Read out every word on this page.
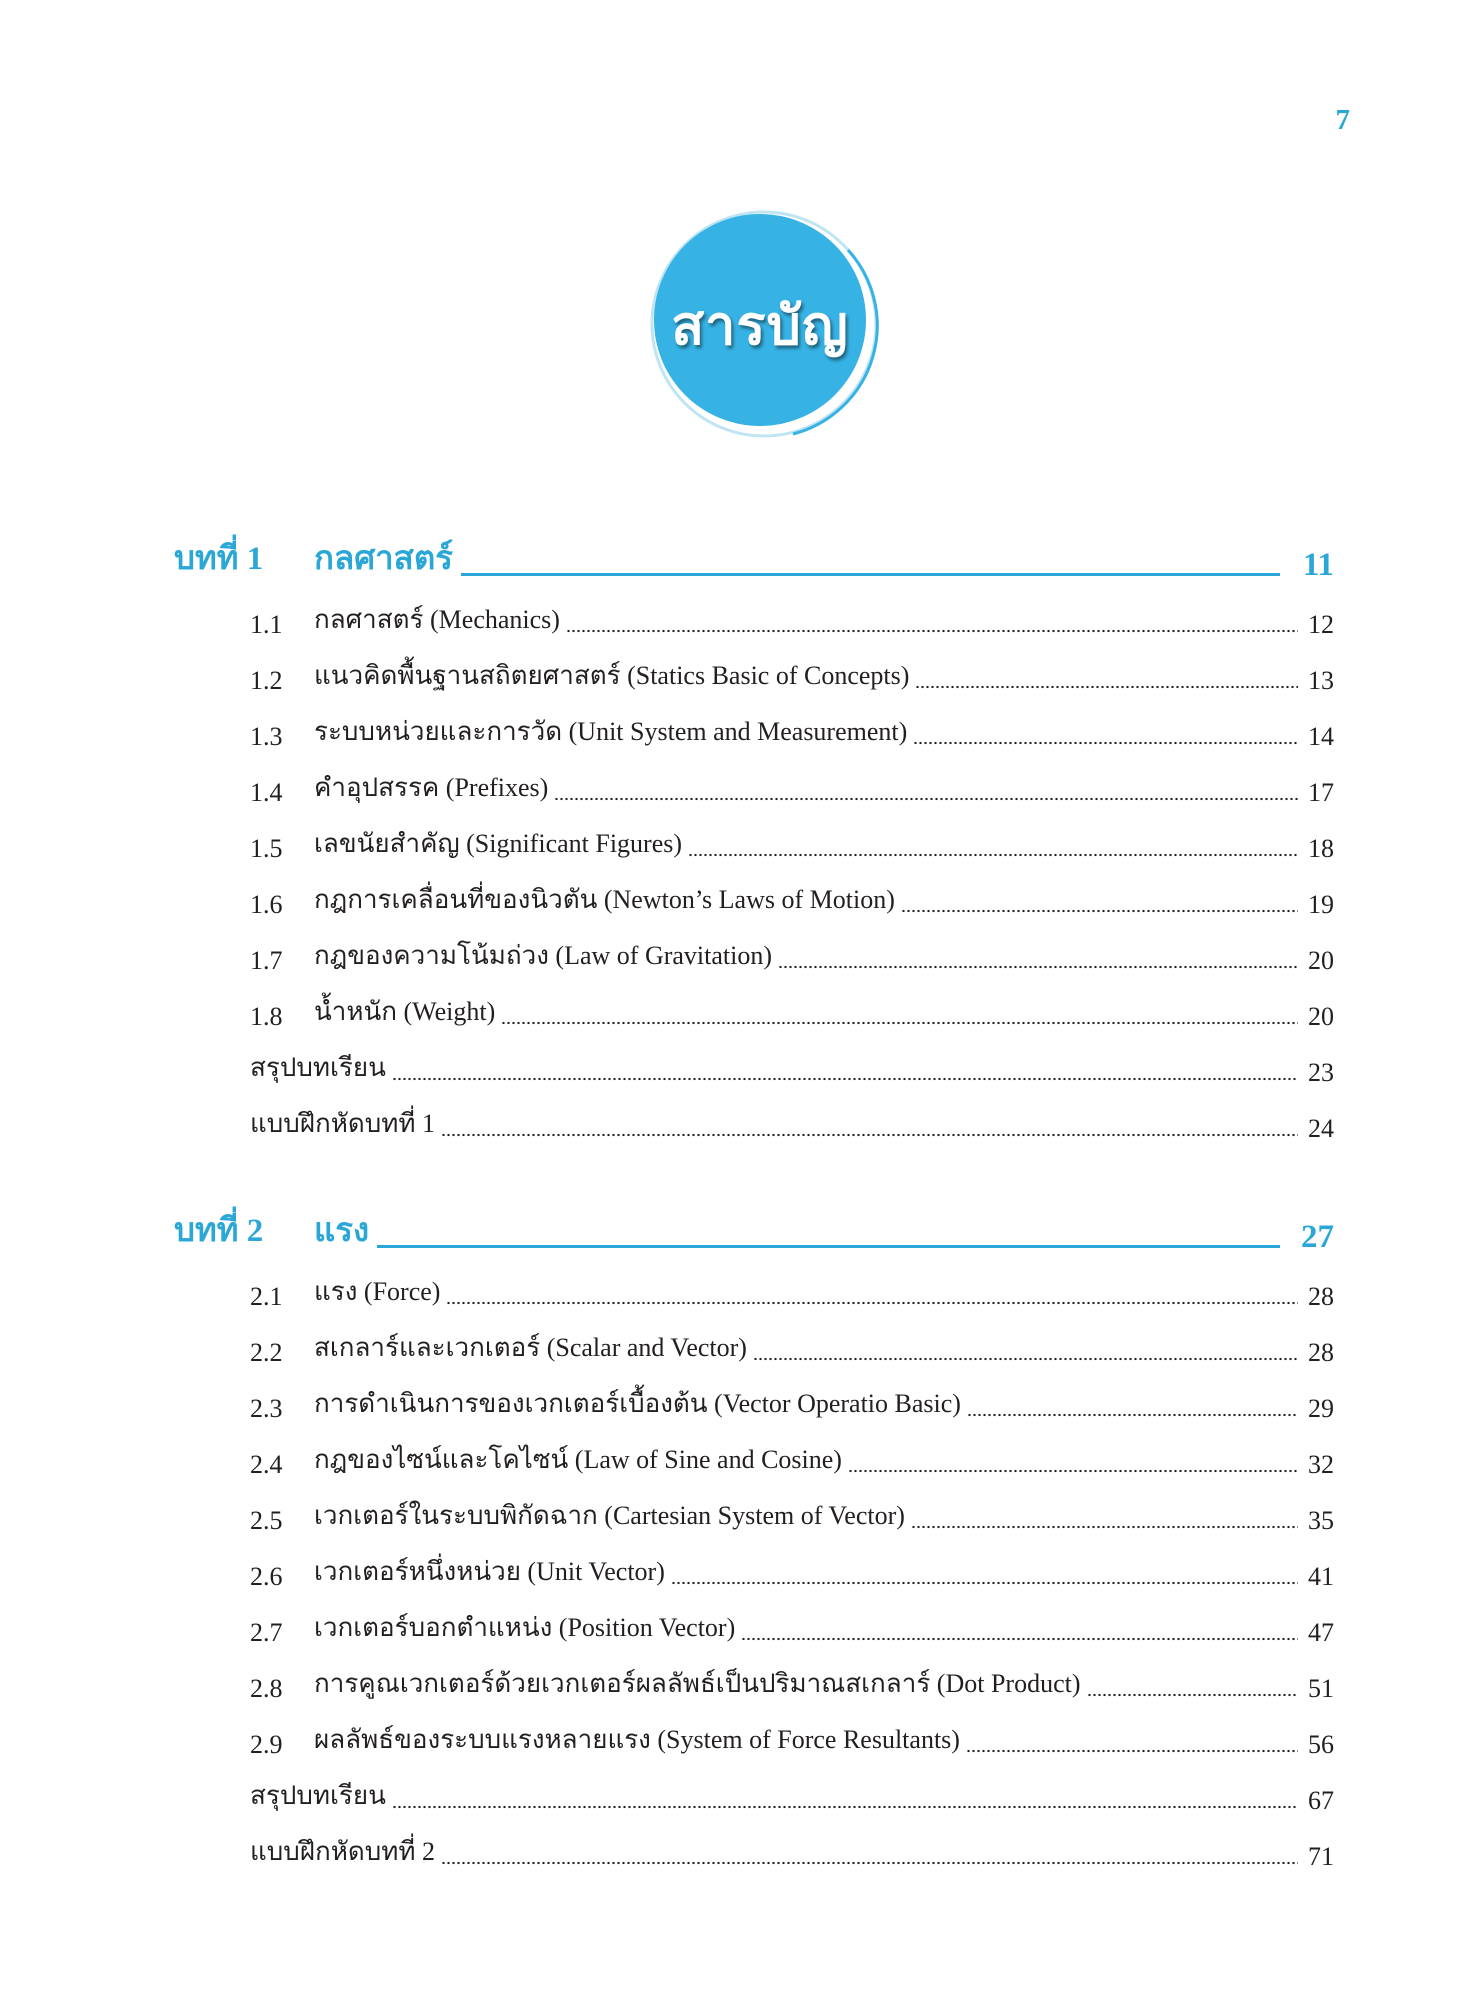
7
สารบัญ
บทที่ 1	กลศาสตร์	11
1.1	กลศาสตร์ (Mechanics)	12
1.2	แนวคิดพื้นฐานสถิตยศาสตร์ (Statics Basic of Concepts)	13
1.3	ระบบหน่วยและการวัด (Unit System and Measurement)	14
1.4	คำอุปสรรค (Prefixes)	17
1.5	เลขนัยสำคัญ (Significant Figures)	18
1.6	กฎการเคลื่อนที่ของนิวตัน (Newton’s Laws of Motion)	19
1.7	กฎของความโน้มถ่วง (Law of Gravitation)	20
1.8	น้ำหนัก (Weight)	20
สรุปบทเรียน	23
แบบฝึกหัดบทที่ 1	24
บทที่ 2	แรง	27
2.1	แรง (Force)	28
2.2	สเกลาร์และเวกเตอร์ (Scalar and Vector)	28
2.3	การดำเนินการของเวกเตอร์เบื้องต้น (Vector Operatio Basic)	29
2.4	กฎของไซน์และโคไซน์ (Law of Sine and Cosine)	32
2.5	เวกเตอร์ในระบบพิกัดฉาก (Cartesian System of Vector)	35
2.6	เวกเตอร์หนึ่งหน่วย (Unit Vector)	41
2.7	เวกเตอร์บอกตำแหน่ง (Position Vector)	47
2.8	การคูณเวกเตอร์ด้วยเวกเตอร์ผลลัพธ์เป็นปริมาณสเกลาร์ (Dot Product)	51
2.9	ผลลัพธ์ของระบบแรงหลายแรง (System of Force Resultants)	56
สรุปบทเรียน	67
แบบฝึกหัดบทที่ 2	71
